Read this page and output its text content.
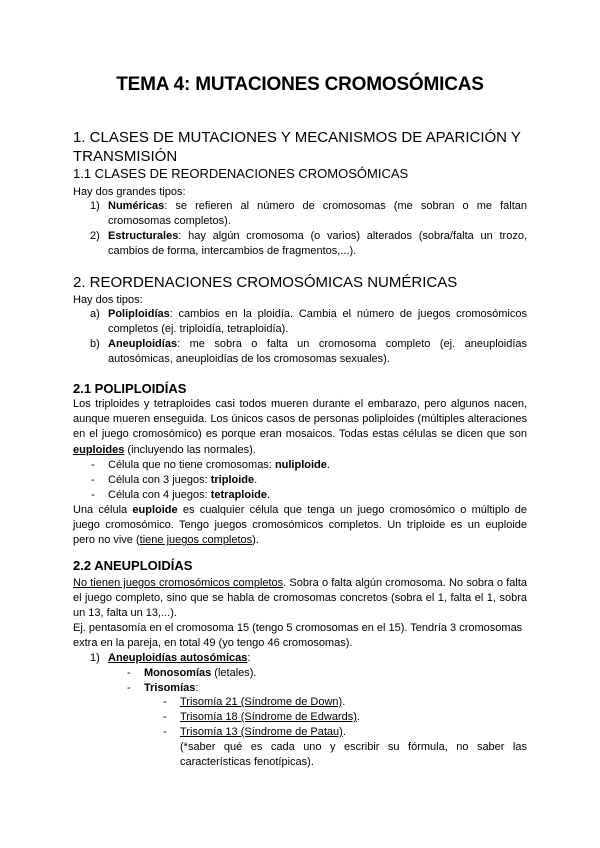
TEMA 4: MUTACIONES CROMOSÓMICAS
1. CLASES DE MUTACIONES Y MECANISMOS DE APARICIÓN Y TRANSMISIÓN
1.1 CLASES DE REORDENACIONES CROMOSÓMICAS
Hay dos grandes tipos:
1) Numéricas: se refieren al número de cromosomas (me sobran o me faltan cromosomas completos).
2) Estructurales: hay algún cromosoma (o varios) alterados (sobra/falta un trozo, cambios de forma, intercambios de fragmentos,...).
2. REORDENACIONES CROMOSÓMICAS NUMÉRICAS
Hay dos tipos:
a) Poliploidías: cambios en la ploidía. Cambia el número de juegos cromosómicos completos (ej. triploidía, tetraploidía).
b) Aneuploidías: me sobra o falta un cromosoma completo (ej. aneuploidías autosómicas, aneuploidías de los cromosomas sexuales).
2.1 POLIPLOIDÍAS
Los triploides y tetraploides casi todos mueren durante el embarazo, pero algunos nacen, aunque mueren enseguida. Los únicos casos de personas poliploides (múltiples alteraciones en el juego cromosómico) es porque eran mosaicos. Todas estas células se dicen que son euploides (incluyendo las normales).
- Célula que no tiene cromosomas: nuliploide.
- Célula con 3 juegos: triploide.
- Célula con 4 juegos: tetraploide.
Una célula euploide es cualquier célula que tenga un juego cromosómico o múltiplo de juego cromosómico. Tengo juegos cromosómicos completos. Un triploide es un euploide pero no vive (tiene juegos completos).
2.2 ANEUPLOIDÍAS
No tienen juegos cromosómicos completos. Sobra o falta algún cromosoma. No sobra o falta el juego completo, sino que se habla de cromosomas concretos (sobra el 1, falta el 1, sobra un 13, falta un 13,...).
Ej. pentasomía en el cromosoma 15 (tengo 5 cromosomas en el 15). Tendría 3 cromosomas extra en la pareja, en total 49 (yo tengo 46 cromosomas).
1) Aneuploidías autosómicas:
- Monosomías (letales).
- Trisomías:
- Trisomía 21 (Síndrome de Down).
- Trisomía 18 (Síndrome de Edwards).
- Trisomía 13 (Síndrome de Patau).
(*saber qué es cada uno y escribir su fórmula, no saber las características fenotípicas).
